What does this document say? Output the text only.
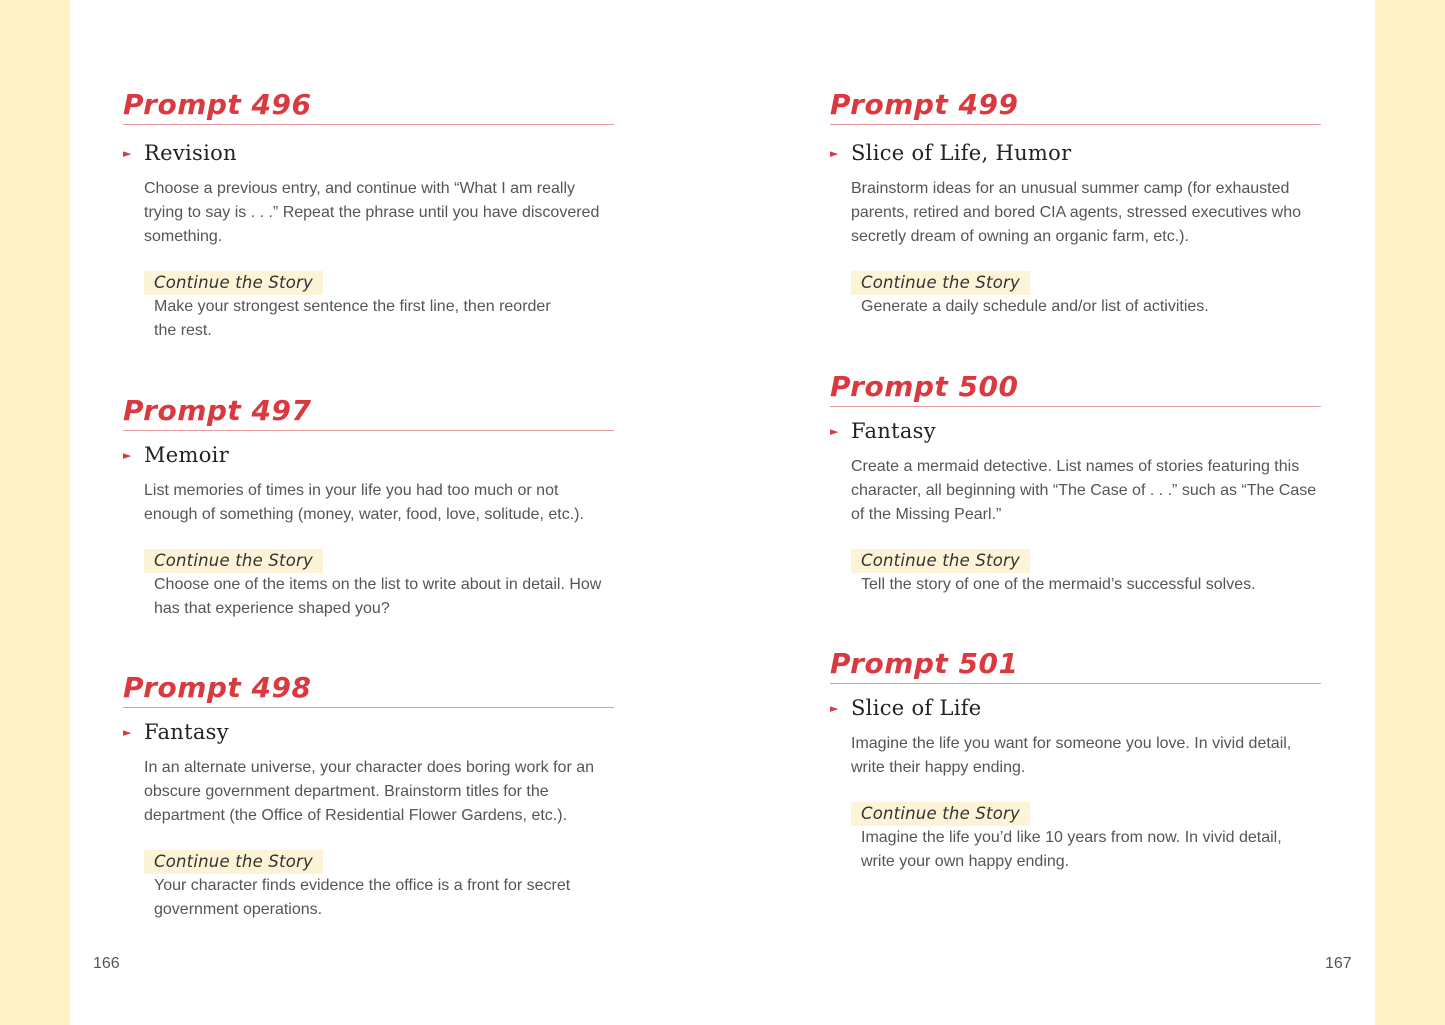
Prompt 496
► Revision

Choose a previous entry, and continue with “What I am really trying to say is . . .” Repeat the phrase until you have discovered something.

Continue the Story

Make your strongest sentence the first line, then reorder the rest.

Prompt 497
► Memoir

List memories of times in your life you had too much or not enough of something (money, water, food, love, solitude, etc.).

Continue the Story

Choose one of the items on the list to write about in detail. How has that experience shaped you?

Prompt 498
► Fantasy

In an alternate universe, your character does boring work for an obscure government department. Brainstorm titles for the department (the Office of Residential Flower Gardens, etc.).

Continue the Story

Your character finds evidence the office is a front for secret government operations.

166
Prompt 499
► Slice of Life, Humor

Brainstorm ideas for an unusual summer camp (for exhausted parents, retired and bored CIA agents, stressed executives who secretly dream of owning an organic farm, etc.).

Continue the Story

Generate a daily schedule and/or list of activities.

Prompt 500
► Fantasy

Create a mermaid detective. List names of stories featuring this character, all beginning with “The Case of . . .” such as “The Case of the Missing Pearl.”

Continue the Story

Tell the story of one of the mermaid’s successful solves.

Prompt 501
► Slice of Life

Imagine the life you want for someone you love. In vivid detail, write their happy ending.

Continue the Story

Imagine the life you’d like 10 years from now. In vivid detail, write your own happy ending.

167
